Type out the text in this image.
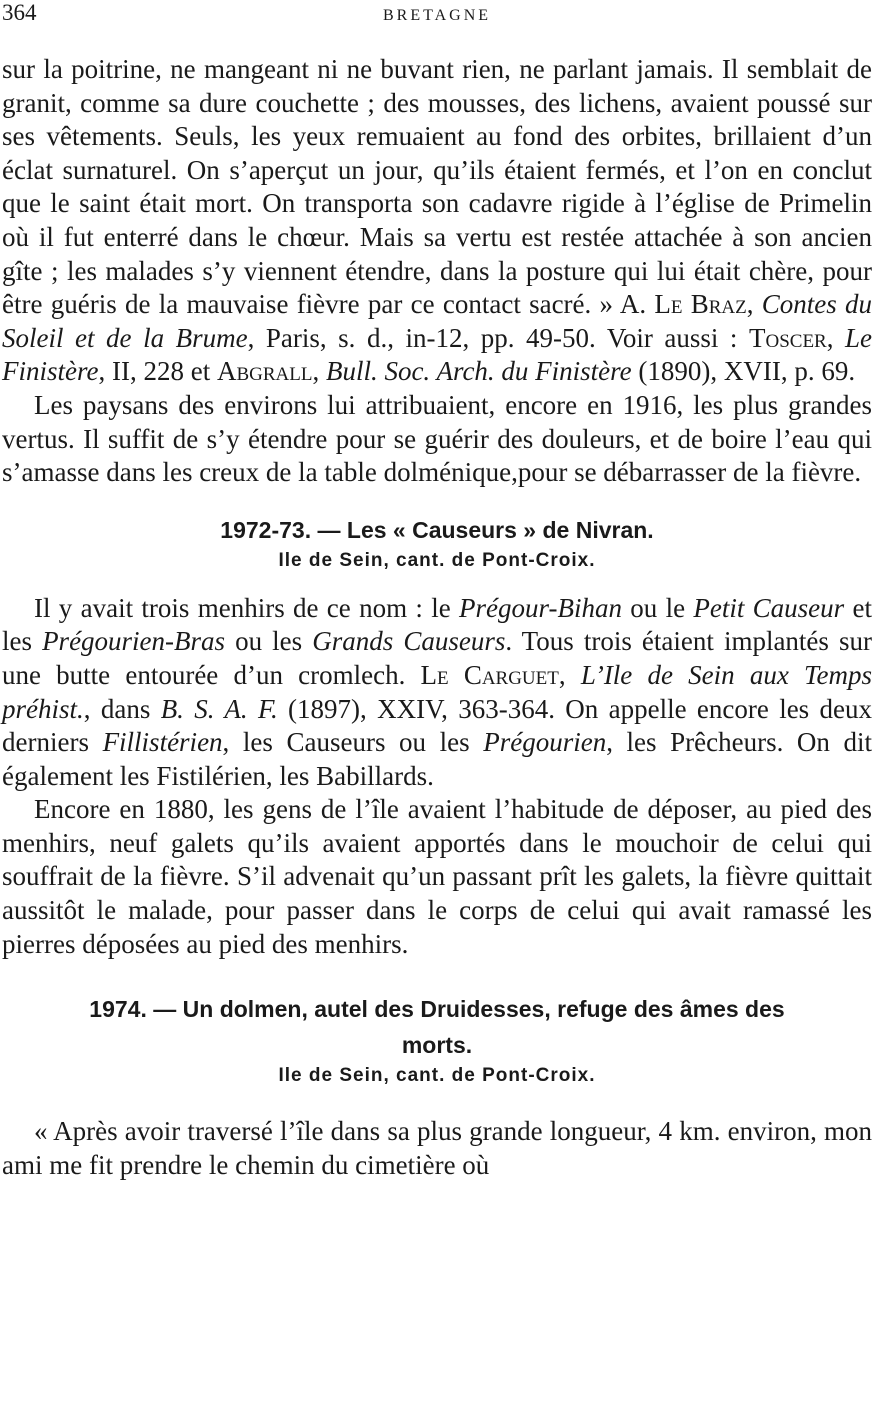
364	BRETAGNE

sur la poitrine, ne mangeant ni ne buvant rien, ne parlant jamais. Il semblait de granit, comme sa dure couchette ; des mousses, des lichens, avaient poussé sur ses vêtements. Seuls, les yeux remuaient au fond des orbites, brillaient d’un éclat surnaturel. On s’aperçut un jour, qu’ils étaient fermés, et l’on en conclut que le saint était mort. On transporta son cadavre rigide à l’église de Primelin où il fut enterré dans le chœur. Mais sa vertu est restée attachée à son ancien gîte ; les malades s’y viennent étendre, dans la posture qui lui était chère, pour être guéris de la mauvaise fièvre par ce contact sacré. » A. Le Braz, Contes du Soleil et de la Brume, Paris, s. d., in-12, pp. 49-50. Voir aussi : Toscer, Le Finistère, II, 228 et Abgrall, Bull. Soc. Arch. du Finistère (1890), XVII, p. 69.

Les paysans des environs lui attribuaient, encore en 1916, les plus grandes vertus. Il suffit de s’y étendre pour se guérir des douleurs, et de boire l’eau qui s’amasse dans les creux de la table dolménique,pour se débarrasser de la fièvre.

1972-73. — Les « Causeurs » de Nivran.
Ile de Sein, cant. de Pont-Croix.

Il y avait trois menhirs de ce nom : le Prégour-Bihan ou le Petit Causeur et les Prégourien-Bras ou les Grands Causeurs. Tous trois étaient implantés sur une butte entourée d’un cromlech. Le Carguet, L’Ile de Sein aux Temps préhist., dans B. S. A. F. (1897), XXIV, 363-364. On appelle encore les deux derniers Fillistérien, les Causeurs ou les Prégourien, les Prêcheurs. On dit également les Fistilérien, les Babillards.

Encore en 1880, les gens de l’île avaient l’habitude de déposer, au pied des menhirs, neuf galets qu’ils avaient apportés dans le mouchoir de celui qui souffrait de la fièvre. S’il advenait qu’un passant prît les galets, la fièvre quittait aussitôt le malade, pour passer dans le corps de celui qui avait ramassé les pierres déposées au pied des menhirs.

1974. — Un dolmen, autel des Druidesses, refuge des âmes des morts.
Ile de Sein, cant. de Pont-Croix.

« Après avoir traversé l’île dans sa plus grande longueur, 4 km. environ, mon ami me fit prendre le chemin du cimetière où
